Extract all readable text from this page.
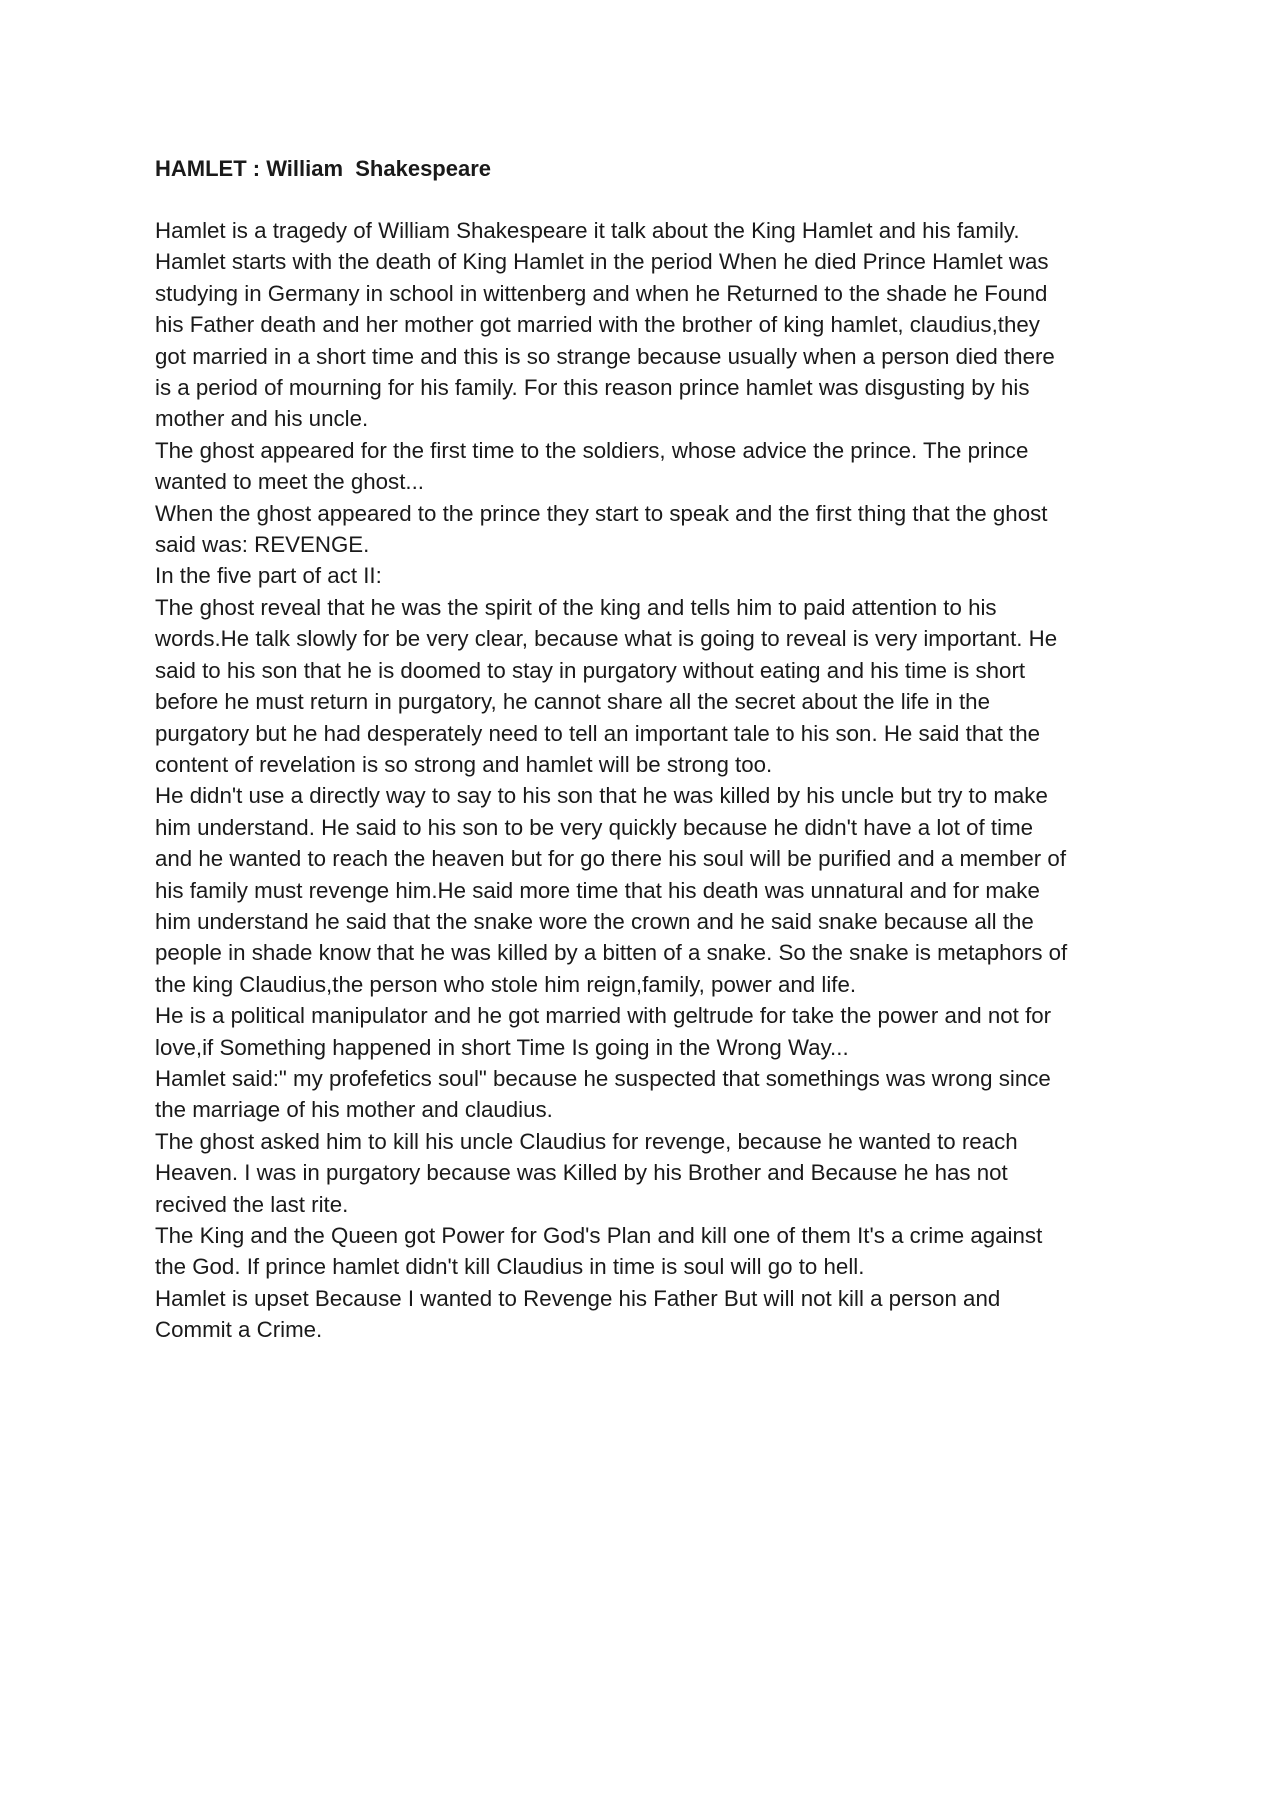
HAMLET : William  Shakespeare
Hamlet is a tragedy of William Shakespeare it talk about the King Hamlet and his family.
Hamlet starts with the death of King Hamlet in the period When he died Prince Hamlet was
studying in Germany in school in wittenberg and when he Returned to the shade he Found
his Father death and her mother got married with the brother of king hamlet, claudius,they
got married in a short time and this is so strange because usually when a person died there
is a period of mourning for his family. For this reason prince hamlet was disgusting by his
mother and his uncle.
The ghost appeared for the first time to the soldiers, whose advice the prince. The prince
wanted to meet the ghost...
When the ghost appeared to the prince they start to speak and the first thing that the ghost
said was: REVENGE.
In the five part of act II:
The ghost reveal that he was the spirit of the king and tells him to paid attention to his
words.He talk slowly for be very clear, because what is going to reveal is very important. He
said to his son that he is doomed to stay in purgatory without eating and his time is short
before he must return in purgatory, he cannot share all the secret about the life in the
purgatory but he had desperately need to tell an important tale to his son. He said that the
content of revelation is so strong and hamlet will be strong too.
He didn't use a directly way to say to his son that he was killed by his uncle but try to make
him understand. He said to his son to be very quickly because he didn't have a lot of time
and he wanted to reach the heaven but for go there his soul will be purified and a member of
his family must revenge him.He said more time that his death was unnatural and for make
him understand he said that the snake wore the crown and he said snake because all the
people in shade know that he was killed by a bitten of a snake. So the snake is metaphors of
the king Claudius,the person who stole him reign,family, power and life.
He is a political manipulator and he got married with geltrude for take the power and not for
love,if Something happened in short Time Is going in the Wrong Way...
Hamlet said:" my profefetics soul" because he suspected that somethings was wrong since
the marriage of his mother and claudius.
The ghost asked him to kill his uncle Claudius for revenge, because he wanted to reach
Heaven. I was in purgatory because was Killed by his Brother and Because he has not
recived the last rite.
The King and the Queen got Power for God's Plan and kill one of them It's a crime against
the God. If prince hamlet didn't kill Claudius in time is soul will go to hell.
Hamlet is upset Because I wanted to Revenge his Father But will not kill a person and
Commit a Crime.
